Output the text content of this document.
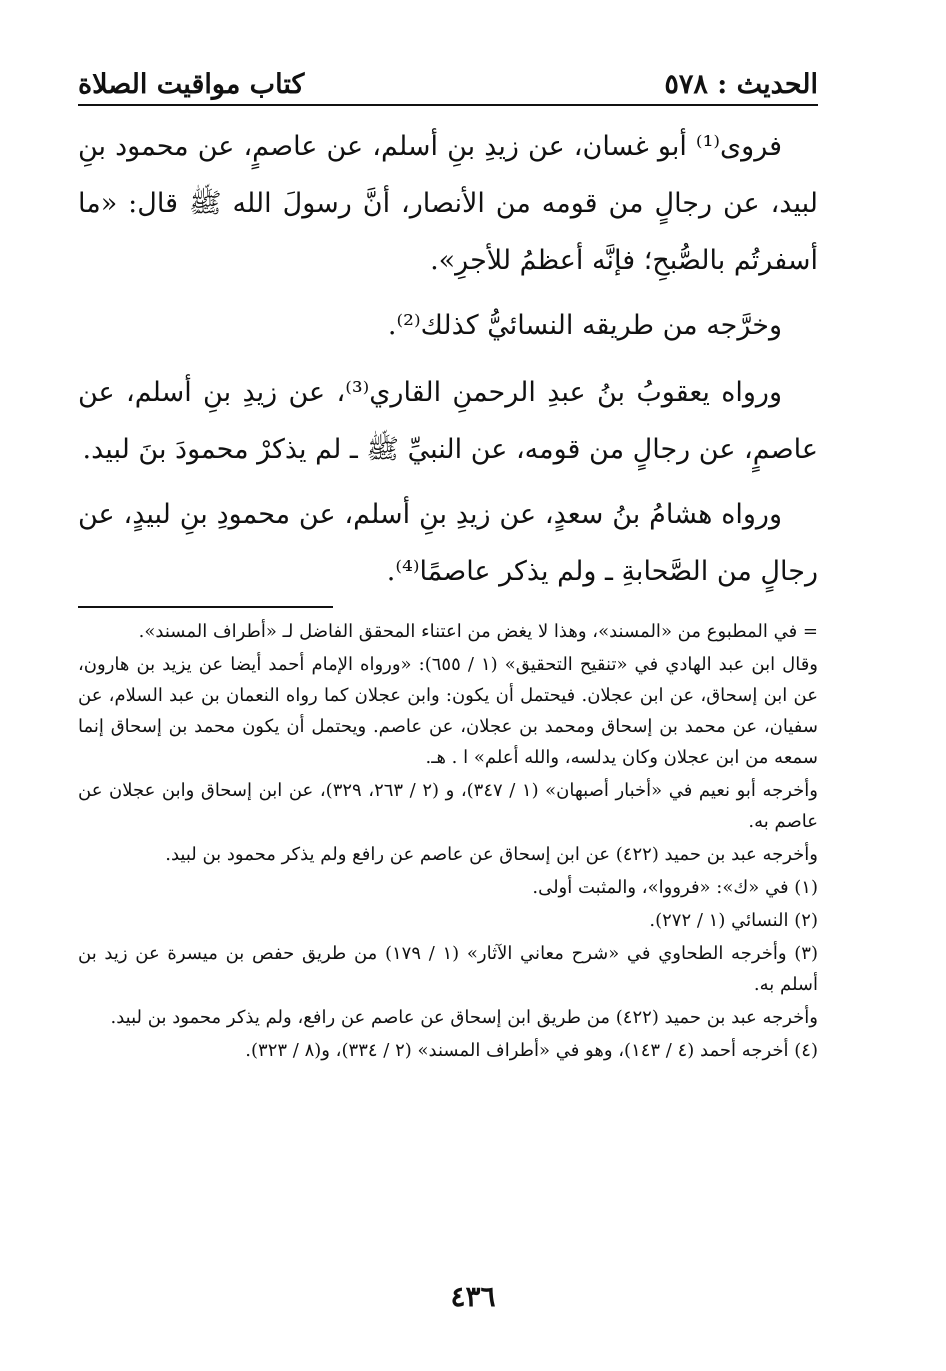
الحديث : ٥٧٨
كتاب مواقيت الصلاة

فروى⁽¹⁾ أبو غسان، عن زيدِ بنِ أسلم، عن عاصمٍ، عن محمود بنِ لبيد، عن رجالٍ من قومه من الأنصار، أنَّ رسولَ الله ﷺ قال: «ما أسفرتُم بالصُّبحِ؛ فإنَّه أعظمُ للأجرِ».

وخرَّجه من طريقه النسائيُّ كذلك⁽²⁾.

ورواه يعقوبُ بنُ عبدِ الرحمنِ القاري⁽³⁾، عن زيدِ بنِ أسلم، عن عاصمٍ، عن رجالٍ من قومه، عن النبيِّ ﷺ ـ لم يذكرْ محمودَ بنَ لبيد.

ورواه هشامُ بنُ سعدٍ، عن زيدِ بنِ أسلم، عن محمودِ بنِ لبيدٍ، عن رجالٍ من الصَّحابةِ ـ ولم يذكر عاصمًا⁽⁴⁾.

= في المطبوع من «المسند»، وهذا لا يغض من اعتناء المحقق الفاضل لـ «أطراف المسند».

وقال ابن عبد الهادي في «تنقيح التحقيق» (١ / ٦٥٥): «ورواه الإمام أحمد أيضا عن يزيد بن هارون، عن ابن إسحاق، عن ابن عجلان. فيحتمل أن يكون: وابن عجلان كما رواه النعمان بن عبد السلام، عن سفيان، عن محمد بن إسحاق ومحمد بن عجلان، عن عاصم. ويحتمل أن يكون محمد بن إسحاق إنما سمعه من ابن عجلان وكان يدلسه، والله أعلم» ا . هـ.

وأخرجه أبو نعيم في «أخبار أصبهان» (١ / ٣٤٧)، و (٢ / ٢٦٣، ٣٢٩)، عن ابن إسحاق وابن عجلان عن عاصم به.

وأخرجه عبد بن حميد (٤٢٢) عن ابن إسحاق عن عاصم عن رافع ولم يذكر محمود بن لبيد.

(١) في «ك»: «فرووا»، والمثبت أولى.

(٢) النسائي (١ / ٢٧٢).

(٣) وأخرجه الطحاوي في «شرح معاني الآثار» (١ / ١٧٩) من طريق حفص بن ميسرة عن زيد بن أسلم به.

وأخرجه عبد بن حميد (٤٢٢) من طريق ابن إسحاق عن عاصم عن رافع، ولم يذكر محمود بن لبيد.

(٤) أخرجه أحمد (٤ / ١٤٣)، وهو في «أطراف المسند» (٢ / ٣٣٤)، و(٨ / ٣٢٣).

٤٣٦
